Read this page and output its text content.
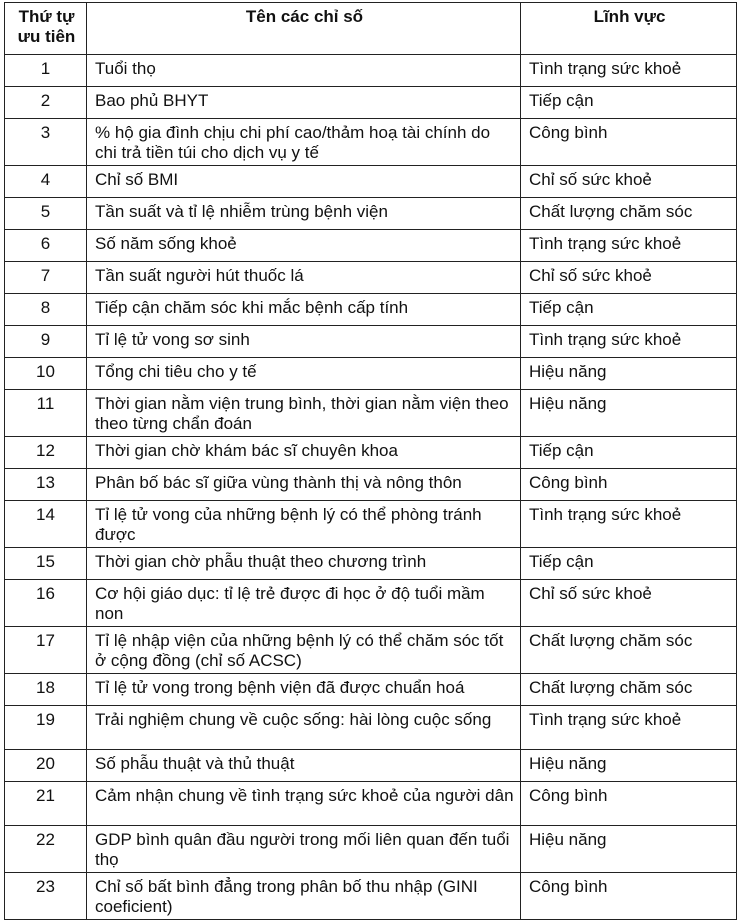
Thứ tự ưu tiên	Tên các chỉ số	Lĩnh vực
1	Tuổi thọ	Tình trạng sức khoẻ
2	Bao phủ BHYT	Tiếp cận
3	% hộ gia đình chịu chi phí cao/thảm hoạ tài chính do chi trả tiền túi cho dịch vụ y tế	Công bình
4	Chỉ số BMI	Chỉ số sức khoẻ
5	Tần suất và tỉ lệ nhiễm trùng bệnh viện	Chất lượng chăm sóc
6	Số năm sống khoẻ	Tình trạng sức khoẻ
7	Tần suất người hút thuốc lá	Chỉ số sức khoẻ
8	Tiếp cận chăm sóc khi mắc bệnh cấp tính	Tiếp cận
9	Tỉ lệ tử vong sơ sinh	Tình trạng sức khoẻ
10	Tổng chi tiêu cho y tế	Hiệu năng
11	Thời gian nằm viện trung bình, thời gian nằm viện theo theo từng chẩn đoán	Hiệu năng
12	Thời gian chờ khám bác sĩ chuyên khoa	Tiếp cận
13	Phân bố bác sĩ giữa vùng thành thị và nông thôn	Công bình
14	Tỉ lệ tử vong của những bệnh lý có thể phòng tránh được	Tình trạng sức khoẻ
15	Thời gian chờ phẫu thuật theo chương trình	Tiếp cận
16	Cơ hội giáo dục: tỉ lệ trẻ được đi học ở độ tuổi mầm non	Chỉ số sức khoẻ
17	Tỉ lệ nhập viện của những bệnh lý có thể chăm sóc tốt ở cộng đồng (chỉ số ACSC)	Chất lượng chăm sóc
18	Tỉ lệ tử vong trong bệnh viện đã được chuẩn hoá	Chất lượng chăm sóc
19	Trải nghiệm chung về cuộc sống: hài lòng cuộc sống	Tình trạng sức khoẻ
20	Số phẫu thuật và thủ thuật	Hiệu năng
21	Cảm nhận chung về tình trạng sức khoẻ của người dân	Công bình
22	GDP bình quân đầu người trong mối liên quan đến tuổi thọ	Hiệu năng
23	Chỉ số bất bình đẳng trong phân bố thu nhập (GINI coeficient)	Công bình
